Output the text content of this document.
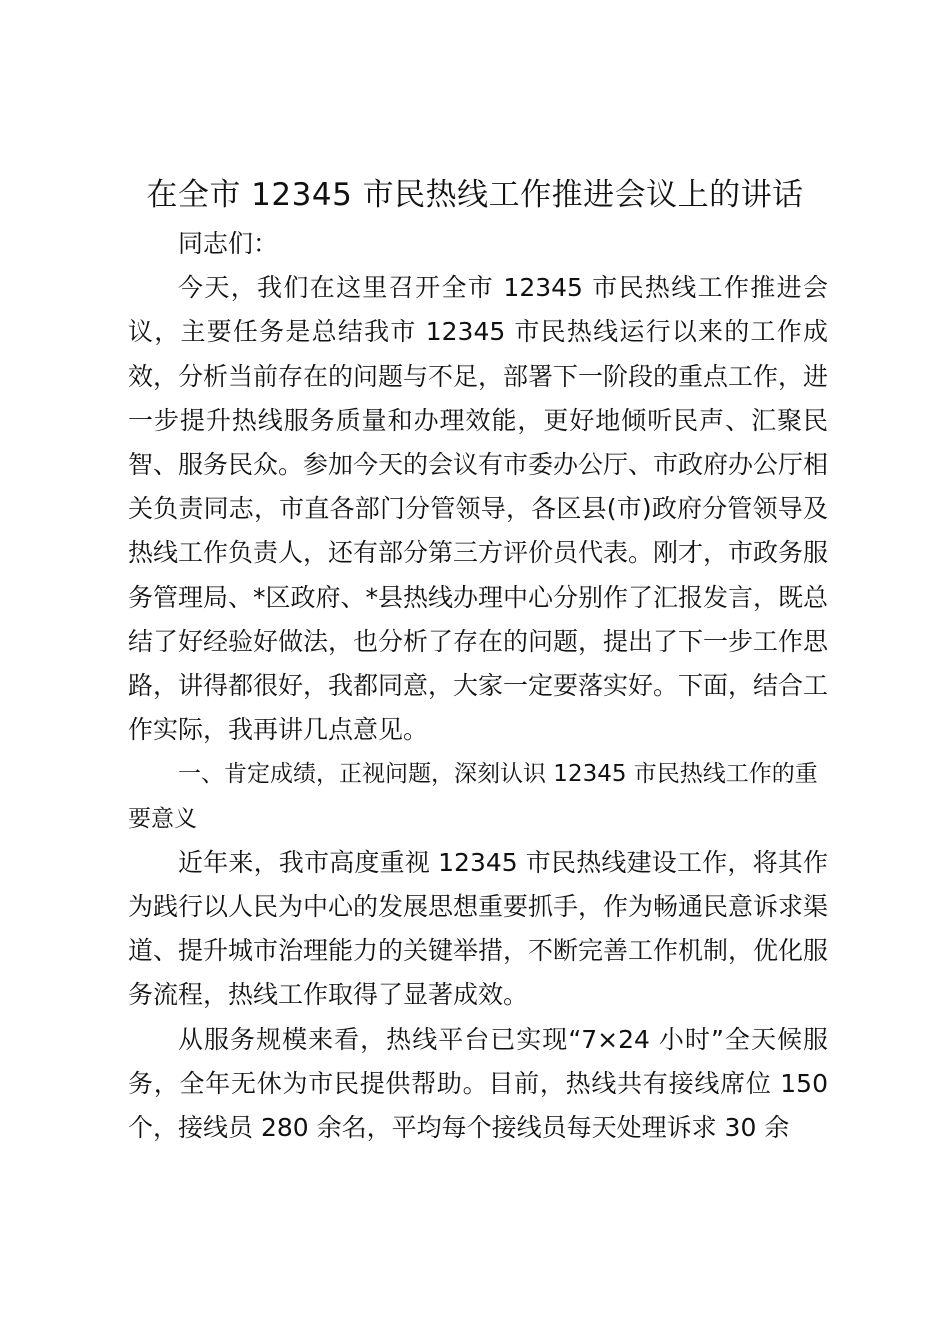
在全市 12345 市民热线工作推进会议上的讲话

同志们：

今天，我们在这里召开全市 12345 市民热线工作推进会议，主要任务是总结我市 12345 市民热线运行以来的工作成效，分析当前存在的问题与不足，部署下一阶段的重点工作，进一步提升热线服务质量和办理效能，更好地倾听民声、汇聚民智、服务民众。参加今天的会议有市委办公厅、市政府办公厅相关负责同志，市直各部门分管领导，各区县(市)政府分管领导及热线工作负责人，还有部分第三方评价员代表。刚才，市政务服务管理局、*区政府、*县热线办理中心分别作了汇报发言，既总结了好经验好做法，也分析了存在的问题，提出了下一步工作思路，讲得都很好，我都同意，大家一定要落实好。下面，结合工作实际，我再讲几点意见。

一、肯定成绩，正视问题，深刻认识 12345 市民热线工作的重要意义

近年来，我市高度重视 12345 市民热线建设工作，将其作为践行以人民为中心的发展思想重要抓手，作为畅通民意诉求渠道、提升城市治理能力的关键举措，不断完善工作机制，优化服务流程，热线工作取得了显著成效。

从服务规模来看，热线平台已实现“7×24 小时”全天候服务，全年无休为市民提供帮助。目前，热线共有接线席位 150 个，接线员 280 余名，平均每个接线员每天处理诉求 30 余
